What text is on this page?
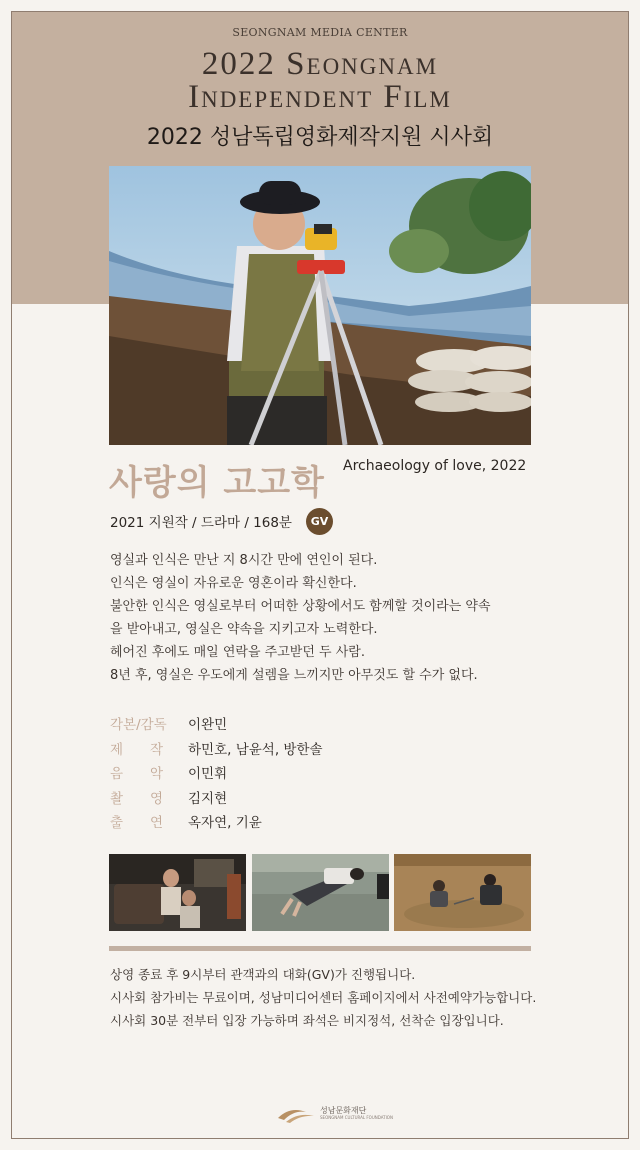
SEONGNAM MEDIA CENTER
2022 Seongnam
Independent Film
2022 성남독립영화제작지원 시사회
사랑의 고고학 Archaeology of love, 2022
2021 지원작 / 드라마 / 168분	GV

영실과 인식은 만난 지 8시간 만에 연인이 된다.

인식은 영실이 자유로운 영혼이라 확신한다.

불안한 인식은 영실로부터 어떠한 상황에서도 함께할 것이라는 약속

을 받아내고, 영실은 약속을 지키고자 노력한다.

헤어진 후에도 매일 연락을 주고받던 두 사람.

8년 후, 영실은 우도에게 설렘을 느끼지만 아무것도 할 수가 없다.

각본/감독	이완민
제　　작	하민호, 남윤석, 방한솔
음　　악	이민휘
촬　　영	김지현
출　　연	옥자연, 기윤

상영 종료 후 9시부터 관객과의 대화(GV)가 진행됩니다.

시사회 참가비는 무료이며, 성남미디어센터 홈페이지에서 사전예약가능합니다.

시사회 30분 전부터 입장 가능하며 좌석은 비지정석, 선착순 입장입니다.

성남문화재단
SEONGNAM CULTURAL FOUNDATION
